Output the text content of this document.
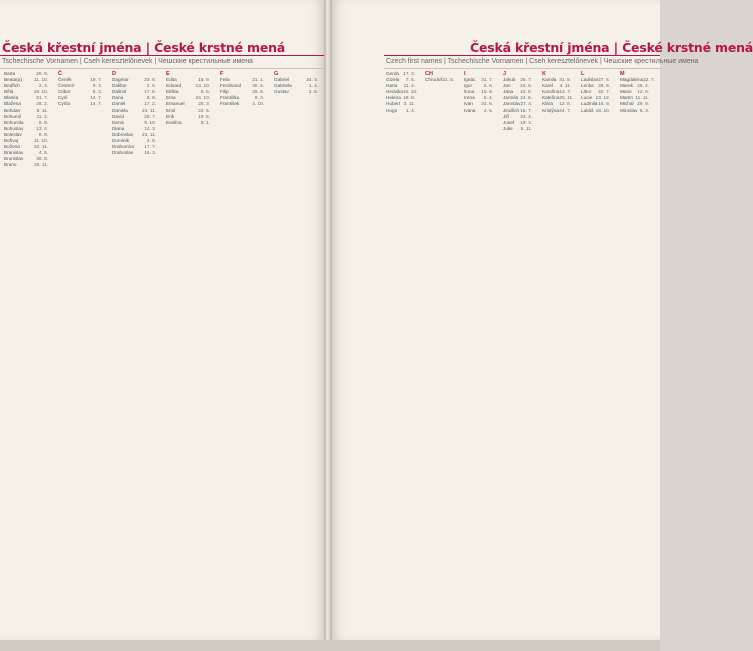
Česká křestní jména | České krstné mená
Tschechische Vornamen | Cseh keresztelőnevek | Чешские крестильные имена
Barta	20. 9.
Beata(a)	11. 10.
Bedřich	2. 3.
Běla	18. 10.
Blanka	21. 7.
Blažena	28. 2.
Bohdan	9. 11.
Bohumil	11. 2.
Bohumila	8. 8.
Bohuslav	13. 4.
Boleslav	6. 8.
Bořivoj	11. 10.
Božena	22. 11.
Branislav	4. 5.
Bronislav	30. 8.
Bruno	26. 11.
Č
Čeněk	19. 7.
Čestmír	9. 3.
Ctibor	5. 3.
Cyril	14. 7.
Cyrila	14. 7.
D
Dagmar	23. 8.
Dalibor	2. 6.
Dalimil	17. 6.
Dana	8. 8.
Daniel	17. 2.
Daniela	24. 11.
David	28. 7.
Denis	9. 10.
Diana	14. 3.
Dobroslav 23. 11.
Dominik	4. 8.
Drahomíra 17. 7.
Drahoslav 16. 3.
E
Edita	16. 9.
Eduard	13. 10.
Eliška	8. 6.
Ema	24. 10.
Emanuel	26. 3.
Emil	22. 5.
Erik	19. 5.
Evelína	8. 1.
F
Felix	21. 1.
Ferdinand 30. 5.
Filip	26. 5.
Františka	9. 3.
František	4. 10.
G
Gabriel	24. 3.
Gabriela	1. 4.
Gustav	2. 8.
Česká křestní jména | České krstné mená
Czech first names | Tschechische Vornamen | Cseh keresztelőnevek | Чешские крестильные имена
Gerda 17. 3.
Gizela 7. 5.
Hana 11. 4.
Hedvika 16. 10.
Helena 18. 8.
Hubert 3. 11.
Hugo 1. 4.
CH
Chrudoš 11. 5.
I
Ignác 31. 7.
Igor	5. 6.
Ilona 15. 8.
Irena 5. 4.
Ivan 24. 6.
Ivana 4. 6.
J
Jakub 25. 7.
Jan 24. 6.
Jana 24. 5.
Jarmila 24. 6.
Jaroslav 27. 4.
Jindřich 15. 7.
Jiří 24. 4.
Josef 19. 3.
Julie 5. 11.
K
Kamila 31. 5.
Karel 4. 11.
Karolína 14. 7.
Kateřina 25. 11.
Klára 12. 8.
Kristýna 24. 7.
L
Ladislav 27. 6.
Lenka 28. 8.
Libor 22. 7.
Lucie 13. 12.
Ludmila 16. 9.
Lukáš 18. 10.
M
Magdaléna 22. 7.
Marek 25. 4.
Marie 12. 9.
Martin 11. 11.
Michal 29. 9.
Miroslav 6. 3.
